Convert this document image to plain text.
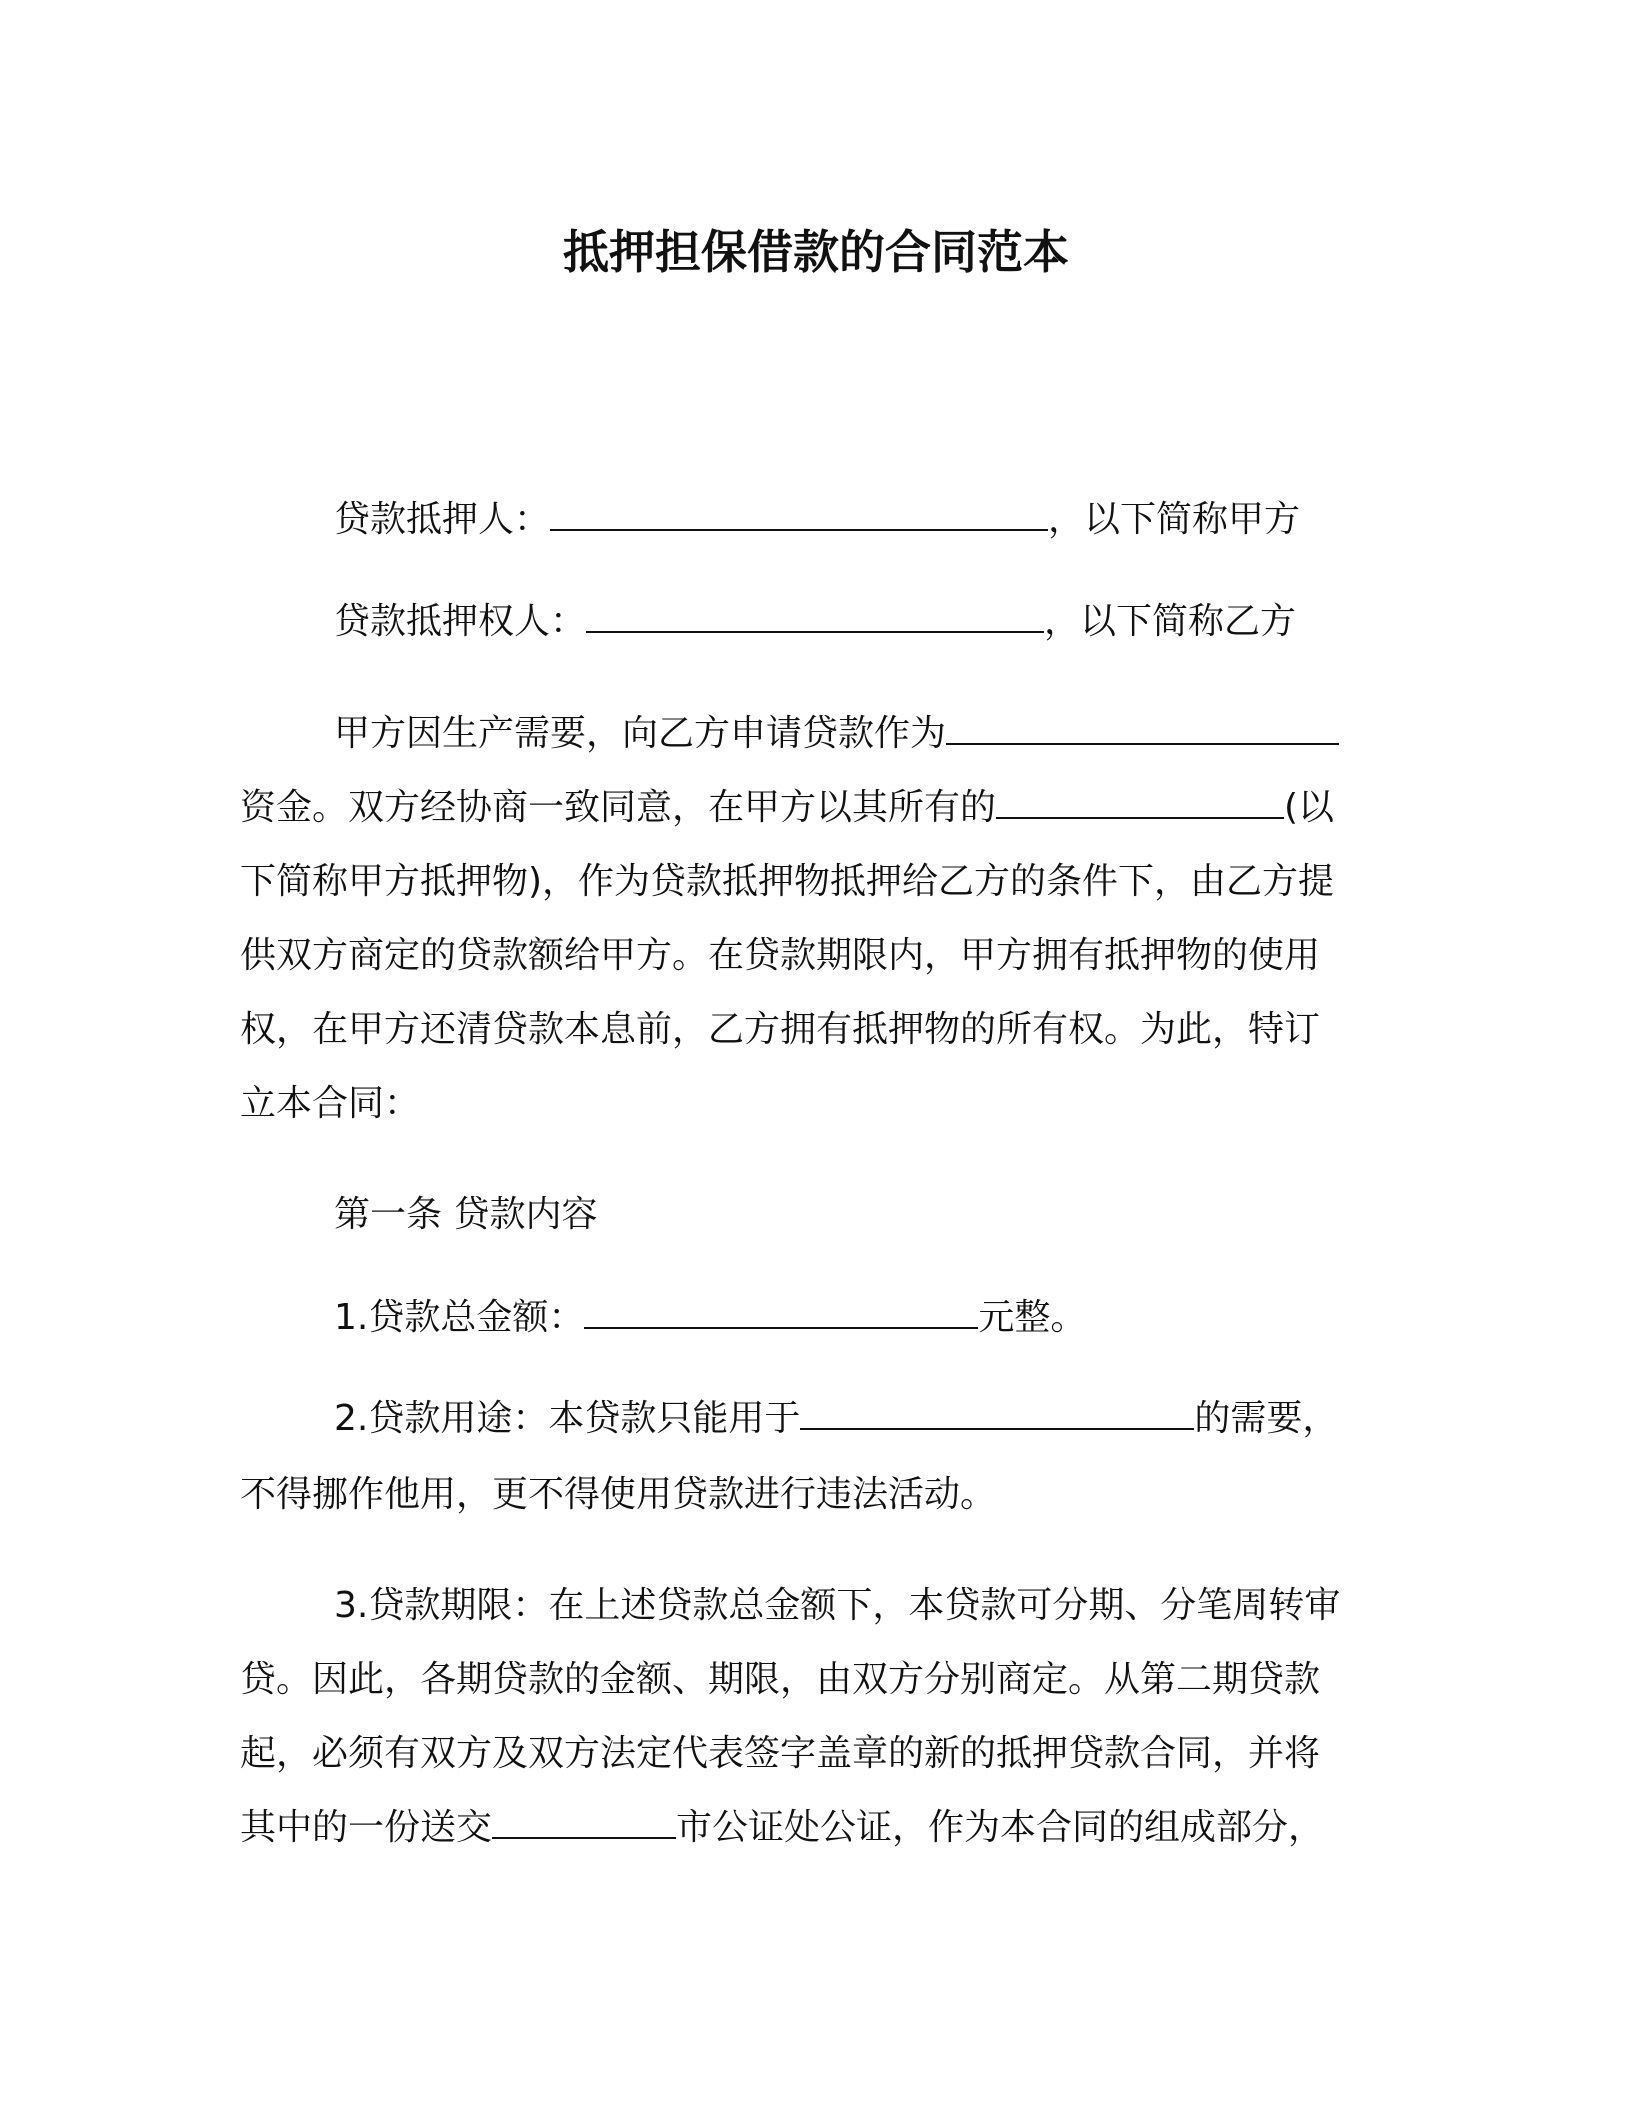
抵押担保借款的合同范本
贷款抵押人：	，以下简称甲方
贷款抵押权人：	，以下简称乙方
甲方因生产需要，向乙方申请贷款作为
资金。双方经协商一致同意，在甲方以其所有的	(以
下简称甲方抵押物)，作为贷款抵押物抵押给乙方的条件下，由乙方提
供双方商定的贷款额给甲方。在贷款期限内，甲方拥有抵押物的使用
权，在甲方还清贷款本息前，乙方拥有抵押物的所有权。为此，特订
立本合同：
第一条 贷款内容
1.贷款总金额：	元整。
2.贷款用途：本贷款只能用于	的需要，
不得挪作他用，更不得使用贷款进行违法活动。
3.贷款期限：在上述贷款总金额下，本贷款可分期、分笔周转审
贷。因此，各期贷款的金额、期限，由双方分别商定。从第二期贷款
起，必须有双方及双方法定代表签字盖章的新的抵押贷款合同，并将
其中的一份送交	市公证处公证，作为本合同的组成部分，
